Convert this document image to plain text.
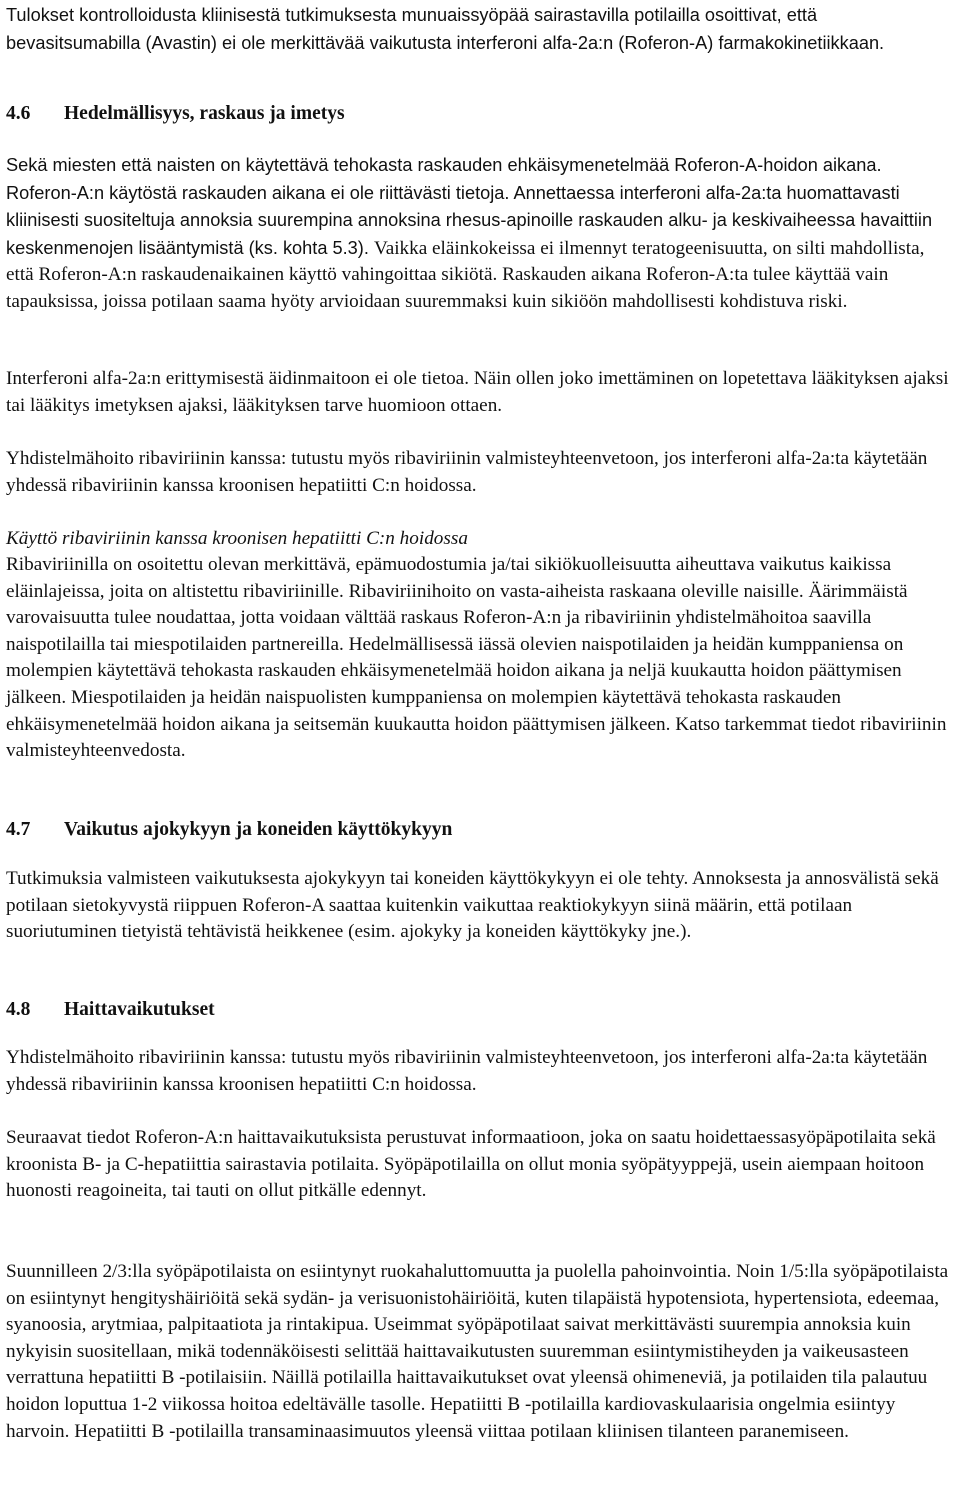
Tulokset kontrolloidusta kliinisestä tutkimuksesta munuaissyöpää sairastavilla potilailla osoittivat, että bevasitsumabilla (Avastin) ei ole merkittävää vaikutusta interferoni alfa-2a:n (Roferon-A) farmakokinetiikkaan.

4.6 Hedelmällisyys, raskaus ja imetys

Sekä miesten että naisten on käytettävä tehokasta raskauden ehkäisymenetelmää Roferon-A-hoidon aikana. Roferon-A:n käytöstä raskauden aikana ei ole riittävästi tietoja. Annettaessa interferoni alfa-2a:ta huomattavasti kliinisesti suositeltuja annoksia suurempina annoksina rhesus-apinoille raskauden alku- ja keskivaiheessa havaittiin keskenmenojen lisääntymistä (ks. kohta 5.3). Vaikka eläinkokeissa ei ilmennyt teratogeenisuutta, on silti mahdollista, että Roferon-A:n raskaudenaikainen käyttö vahingoittaa sikiötä. Raskauden aikana Roferon-A:ta tulee käyttää vain tapauksissa, joissa potilaan saama hyöty arvioidaan suuremmaksi kuin sikiöön mahdollisesti kohdistuva riski.

Interferoni alfa-2a:n erittymisestä äidinmaitoon ei ole tietoa. Näin ollen joko imettäminen on lopetettava lääkityksen ajaksi tai lääkitys imetyksen ajaksi, lääkityksen tarve huomioon ottaen.

Yhdistelmähoito ribaviriinin kanssa: tutustu myös ribaviriinin valmisteyhteenvetoon, jos interferoni alfa-2a:ta käytetään yhdessä ribaviriinin kanssa kroonisen hepatiitti C:n hoidossa.

Käyttö ribaviriinin kanssa kroonisen hepatiitti C:n hoidossa

Ribaviriinilla on osoitettu olevan merkittävä, epämuodostumia ja/tai sikiökuolleisuutta aiheuttava vaikutus kaikissa eläinlajeissa, joita on altistettu ribaviriinille. Ribaviriinihoito on vasta-aiheista raskaana oleville naisille. Äärimmäistä varovaisuutta tulee noudattaa, jotta voidaan välttää raskaus Roferon-A:n ja ribaviriinin yhdistelmähoitoa saavilla naispotilailla tai miespotilaiden partnereilla. Hedelmällisessä iässä olevien naispotilaiden ja heidän kumppaniensa on molempien käytettävä tehokasta raskauden ehkäisymenetelmää hoidon aikana ja neljä kuukautta hoidon päättymisen jälkeen. Miespotilaiden ja heidän naispuolisten kumppaniensa on molempien käytettävä tehokasta raskauden ehkäisymenetelmää hoidon aikana ja seitsemän kuukautta hoidon päättymisen jälkeen. Katso tarkemmat tiedot ribaviriinin valmisteyhteenvedosta.

4.7 Vaikutus ajokykyyn ja koneiden käyttökykyyn

Tutkimuksia valmisteen vaikutuksesta ajokykyyn tai koneiden käyttökykyyn ei ole tehty. Annoksesta ja annosvälistä sekä potilaan sietokyvystä riippuen Roferon-A saattaa kuitenkin vaikuttaa reaktiokykyyn siinä määrin, että potilaan suoriutuminen tietyistä tehtävistä heikkenee (esim. ajokyky ja koneiden käyttökyky jne.).

4.8 Haittavaikutukset

Yhdistelmähoito ribaviriinin kanssa: tutustu myös ribaviriinin valmisteyhteenvetoon, jos interferoni alfa-2a:ta käytetään yhdessä ribaviriinin kanssa kroonisen hepatiitti C:n hoidossa.

Seuraavat tiedot Roferon-A:n haittavaikutuksista perustuvat informaatioon, joka on saatu hoidettaessasyöpäpotilaita sekä kroonista B- ja C-hepatiittia sairastavia potilaita. Syöpäpotilailla on ollut monia syöpätyyppejä, usein aiempaan hoitoon huonosti reagoineita, tai tauti on ollut pitkälle edennyt.

Suunnilleen 2/3:lla syöpäpotilaista on esiintynyt ruokahaluttomuutta ja puolella pahoinvointia. Noin 1/5:lla syöpäpotilaista on esiintynyt hengityshäiriöitä sekä sydän- ja verisuonistohäiriöitä, kuten tilapäistä hypotensiota, hypertensiota, edeemaa, syanoosia, arytmiaa, palpitaatiota ja rintakipua. Useimmat syöpäpotilaat saivat merkittävästi suurempia annoksia kuin nykyisin suositellaan, mikä todennäköisesti selittää haittavaikutusten suuremman esiintymistiheyden ja vaikeusasteen verrattuna hepatiitti B -potilaisiin. Näillä potilailla haittavaikutukset ovat yleensä ohimeneviä, ja potilaiden tila palautuu hoidon loputtua 1-2 viikossa hoitoa edeltävälle tasolle. Hepatiitti B -potilailla kardiovaskulaarisia ongelmia esiintyy harvoin. Hepatiitti B -potilailla transaminaasimuutos yleensä viittaa potilaan kliinisen tilanteen paranemiseen.
